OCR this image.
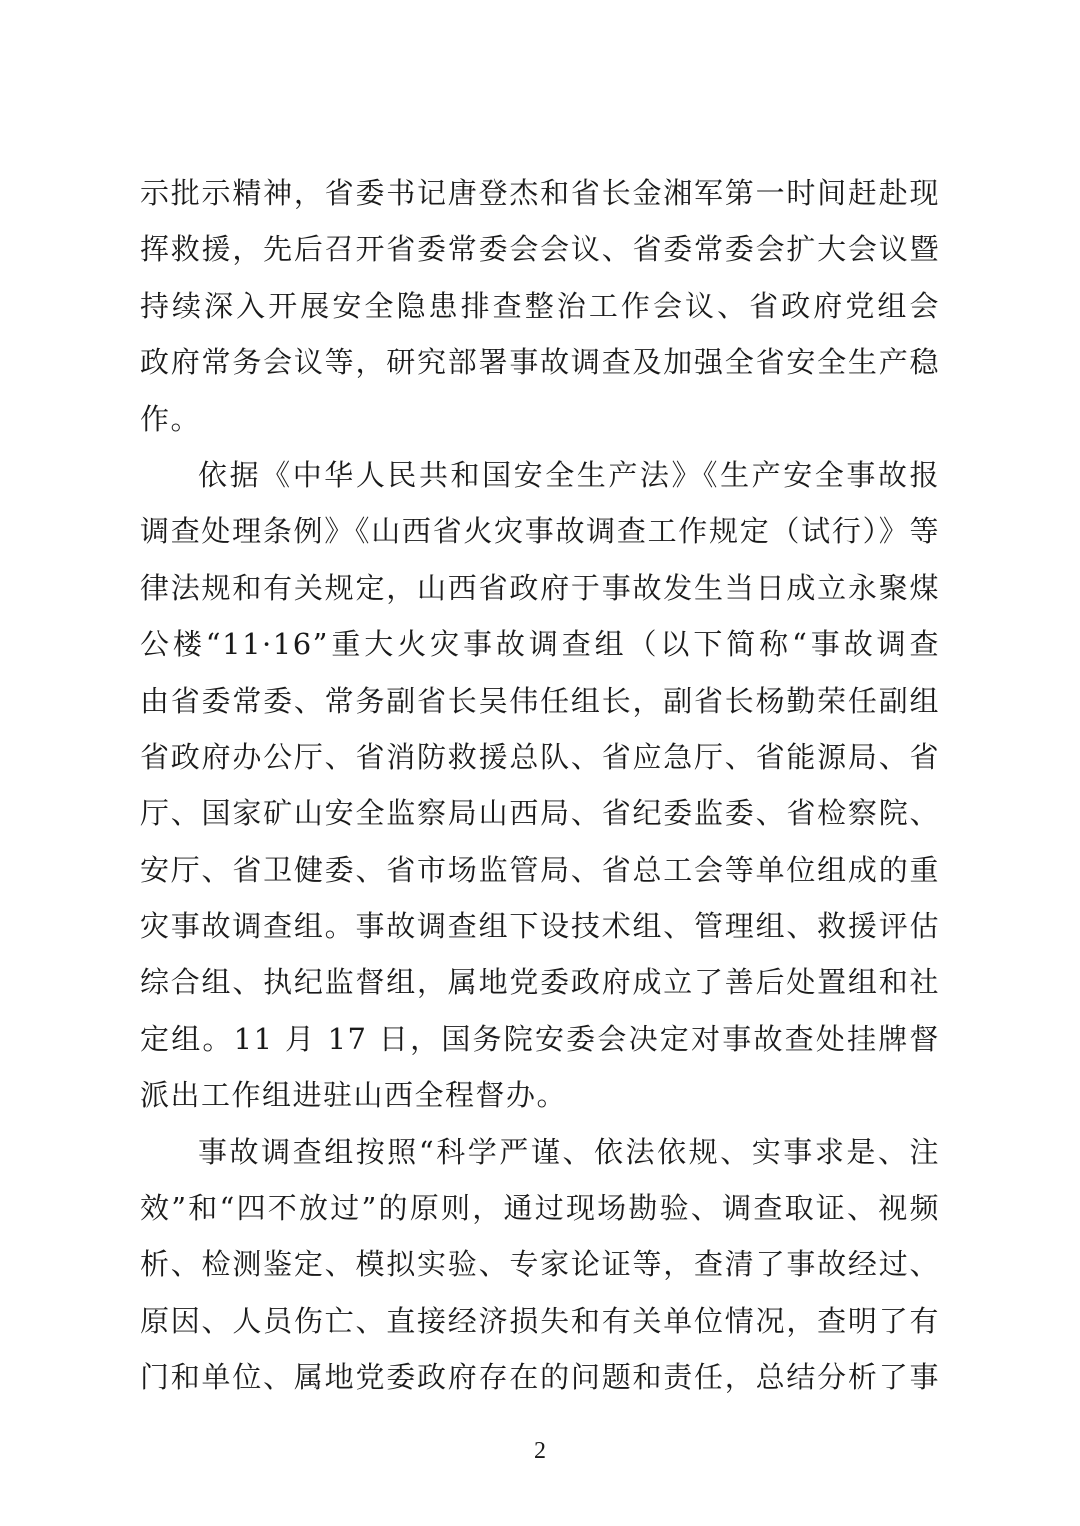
示批示精神，省委书记唐登杰和省长金湘军第一时间赶赴现
挥救援，先后召开省委常委会会议、省委常委会扩大会议暨
持续深入开展安全隐患排查整治工作会议、省政府党组会
政府常务会议等，研究部署事故调查及加强全省安全生产稳
作。
依据《中华人民共和国安全生产法》《生产安全事故报
调查处理条例》《山西省火灾事故调查工作规定（试行）》等
律法规和有关规定，山西省政府于事故发生当日成立永聚煤
公楼“11·16”重大火灾事故调查组（以下简称“事故调查
由省委常委、常务副省长吴伟任组长，副省长杨勤荣任副组
省政府办公厅、省消防救援总队、省应急厅、省能源局、省
厅、国家矿山安全监察局山西局、省纪委监委、省检察院、
安厅、省卫健委、省市场监管局、省总工会等单位组成的重
灾事故调查组。事故调查组下设技术组、管理组、救援评估
综合组、执纪监督组，属地党委政府成立了善后处置组和社
定组。11 月 17 日，国务院安委会决定对事故查处挂牌督
派出工作组进驻山西全程督办。
事故调查组按照“科学严谨、依法依规、实事求是、注
效”和“四不放过”的原则，通过现场勘验、调查取证、视频
析、检测鉴定、模拟实验、专家论证等，查清了事故经过、
原因、人员伤亡、直接经济损失和有关单位情况，查明了有
门和单位、属地党委政府存在的问题和责任，总结分析了事
2
